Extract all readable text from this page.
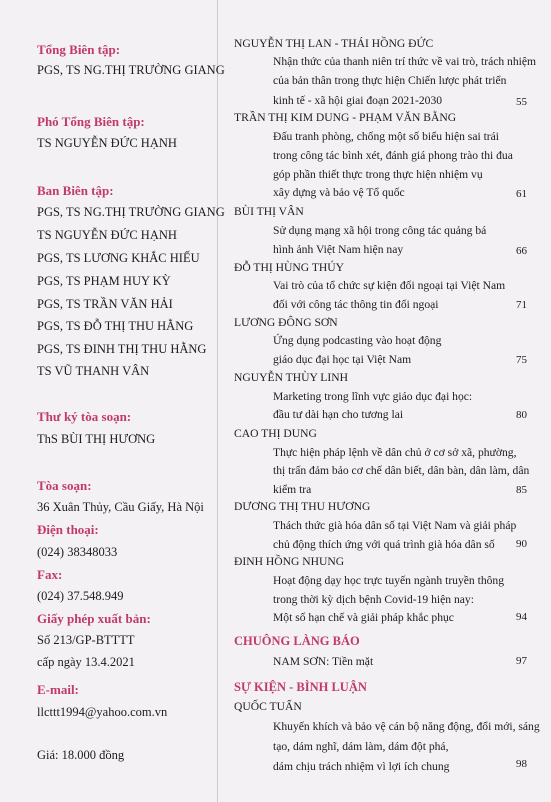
Tổng Biên tập:
PGS, TS NG.THỊ TRƯỜNG GIANG
Phó Tổng Biên tập:
TS NGUYỄN ĐỨC HẠNH
Ban Biên tập:
PGS, TS NG.THỊ TRƯỜNG GIANG
TS NGUYỄN ĐỨC HẠNH
PGS, TS LƯƠNG KHẮC HIẾU
PGS, TS PHẠM HUY KỲ
PGS, TS TRẦN VĂN HẢI
PGS, TS ĐỖ THỊ THU HẰNG
PGS, TS ĐINH THỊ THU HẰNG
TS VŨ THANH VÂN
Thư ký tòa soạn:
ThS BÙI THỊ HƯƠNG
Tòa soạn:
36 Xuân Thủy, Cầu Giấy, Hà Nội
Điện thoại:
(024) 38348033
Fax:
(024) 37.548.949
Giấy phép xuất bản:
Số 213/GP-BTTTT
cấp ngày 13.4.2021
E-mail:
llcttt1994@yahoo.com.vn
Giá: 18.000 đồng
NGUYỄN THỊ LAN - THÁI HỒNG ĐỨC
Nhận thức của thanh niên trí thức về vai trò, trách nhiệm
của bản thân trong thực hiện Chiến lược phát triển
kinh tế - xã hội giai đoạn 2021-2030	55
TRẦN THỊ KIM DUNG - PHẠM VĂN BẰNG
Đấu tranh phòng, chống một số biểu hiện sai trái
trong công tác bình xét, đánh giá phong trào thi đua
góp phần thiết thực trong thực hiện nhiệm vụ
xây dựng và bảo vệ Tổ quốc	61
BÙI THỊ VÂN
Sử dụng mạng xã hội trong công tác quảng bá
hình ảnh Việt Nam hiện nay	66
ĐỖ THỊ HÙNG THÚY
Vai trò của tổ chức sự kiện đối ngoại tại Việt Nam
đối với công tác thông tin đối ngoại	71
LƯƠNG ĐÔNG SƠN
Ứng dụng podcasting vào hoạt động
giáo dục đại học tại Việt Nam	75
NGUYỄN THÙY LINH
Marketing trong lĩnh vực giáo dục đại học:
đầu tư dài hạn cho tương lai	80
CAO THỊ DUNG
Thực hiện pháp lệnh về dân chủ ở cơ sở xã, phường,
thị trấn đảm bảo cơ chế dân biết, dân bàn, dân làm, dân
kiểm tra	85
DƯƠNG THỊ THU HƯƠNG
Thách thức già hóa dân số tại Việt Nam và giải pháp
chủ động thích ứng với quá trình già hóa dân số 90
ĐINH HỒNG NHUNG
Hoạt động dạy học trực tuyến ngành truyền thông
trong thời kỳ dịch bệnh Covid-19 hiện nay:
Một số hạn chế và giải pháp khắc phục	94
CHUÔNG LÀNG BÁO
NAM SƠN: Tiền mặt	97
SỰ KIỆN - BÌNH LUẬN
QUỐC TUẤN
Khuyến khích và bảo vệ cán bộ năng động, đổi mới, sáng
tạo, dám nghĩ, dám làm, dám đột phá,
dám chịu trách nhiệm vì lợi ích chung	98
